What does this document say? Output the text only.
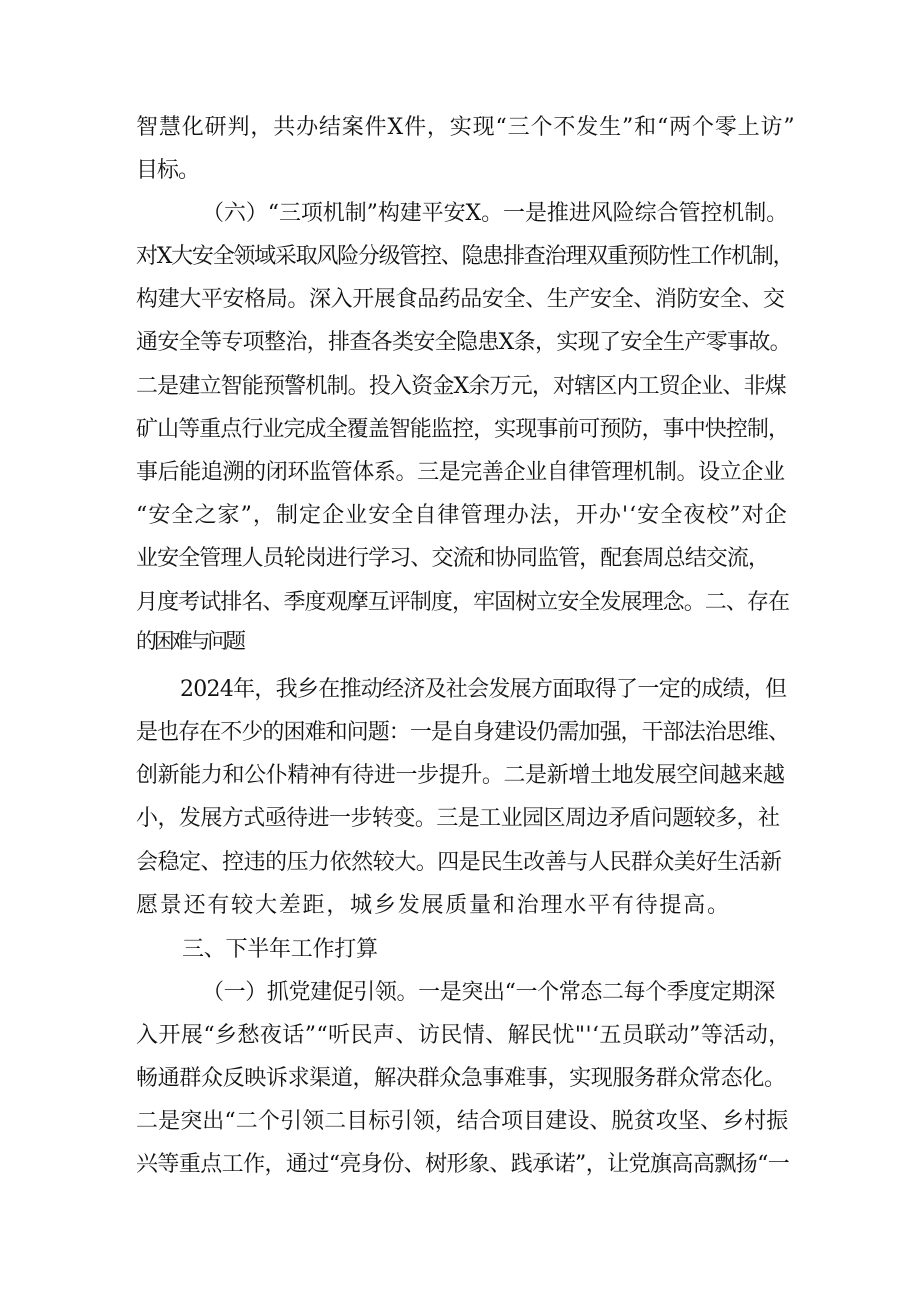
智慧化研判，共办结案件X件，实现“三个不发生”和“两个零上访”

目标。

（六）“三项机制”构建平安X。一是推进风险综合管控机制。

对X大安全领域采取风险分级管控、隐患排查治理双重预防性工作机制，

构建大平安格局。深入开展食品药品安全、生产安全、消防安全、交

通安全等专项整治，排查各类安全隐患X条，实现了安全生产零事故。

二是建立智能预警机制。投入资金X余万元，对辖区内工贸企业、非煤

矿山等重点行业完成全覆盖智能监控，实现事前可预防，事中快控制，

事后能追溯的闭环监管体系。三是完善企业自律管理机制。设立企业

“安全之家”，制定企业安全自律管理办法，开办'‘安全夜校”对企

业安全管理人员轮岗进行学习、交流和协同监管，配套周总结交流，

月度考试排名、季度观摩互评制度，牢固树立安全发展理念。二、存在

的困难与问题

2024年，我乡在推动经济及社会发展方面取得了一定的成绩，但

是也存在不少的困难和问题：一是自身建设仍需加强，干部法治思维、

创新能力和公仆精神有待进一步提升。二是新增土地发展空间越来越

小，发展方式亟待进一步转变。三是工业园区周边矛盾问题较多，社

会稳定、控违的压力依然较大。四是民生改善与人民群众美好生活新

愿景还有较大差距，城乡发展质量和治理水平有待提高。

三、下半年工作打算

（一）抓党建促引领。一是突出“一个常态二每个季度定期深

入开展“乡愁夜话”“听民声、访民情、解民忧"'‘五员联动”等活动，

畅通群众反映诉求渠道，解决群众急事难事，实现服务群众常态化。

二是突出“二个引领二目标引领，结合项目建设、脱贫攻坚、乡村振

兴等重点工作，通过“亮身份、树形象、践承诺”，让党旗高高飘扬“一
